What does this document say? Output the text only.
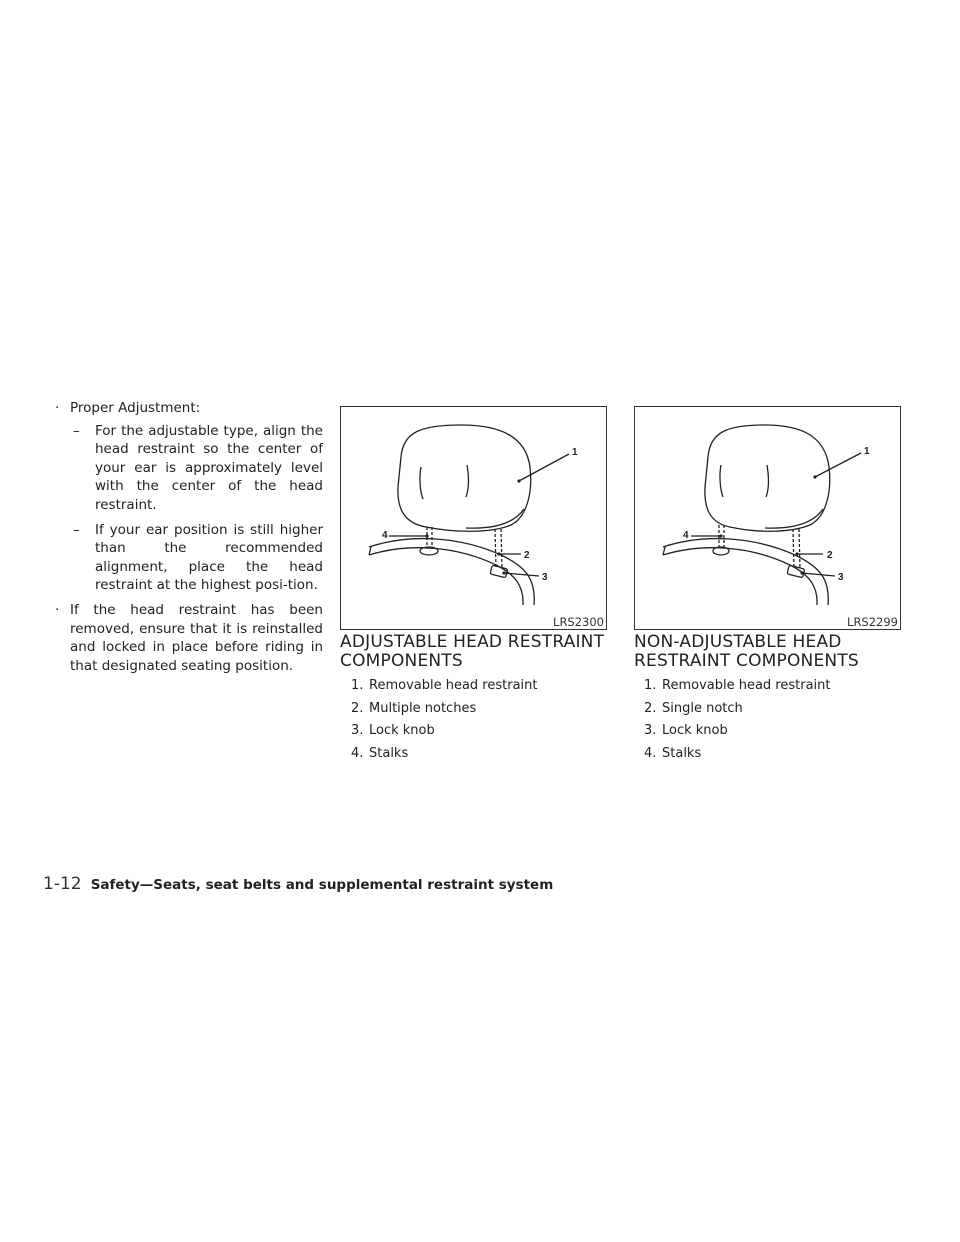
· Proper Adjustment:
– For the adjustable type, align the head restraint so the center of your ear is approximately level with the center of the head restraint.
– If your ear position is still higher than the recommended alignment, place the head restraint at the highest posi-tion.
· If the head restraint has been removed, ensure that it is reinstalled and locked in place before riding in that designated seating position.
1
2
3
4
LRS2300
1
2
3
4
LRS2299
ADJUSTABLE HEAD RESTRAINT
COMPONENTS
NON-ADJUSTABLE HEAD
RESTRAINT COMPONENTS
1. Removable head restraint
2. Multiple notches
3. Lock knob
4. Stalks
1. Removable head restraint
2. Single notch
3. Lock knob
4. Stalks
1-12 Safety—Seats, seat belts and supplemental restraint system
